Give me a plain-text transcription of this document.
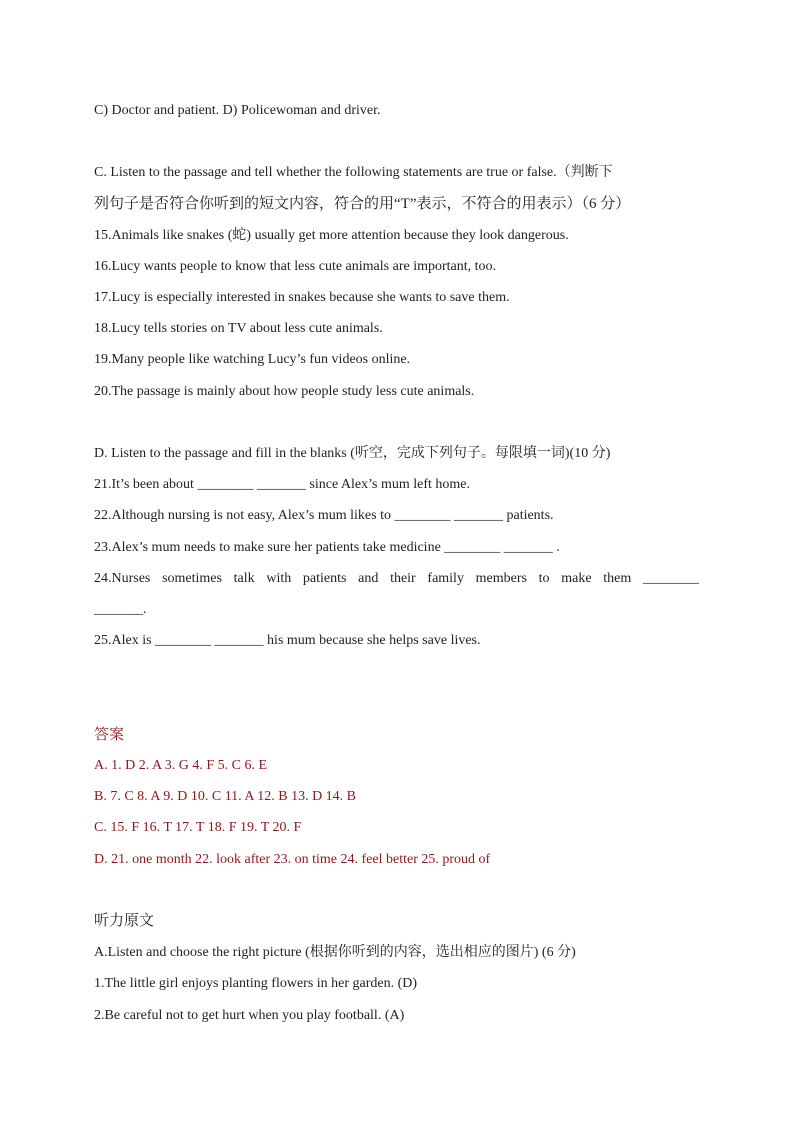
C) Doctor and patient. D) Policewoman and driver.
C. Listen to the passage and tell whether the following statements are true or false.（判断下
列句子是否符合你听到的短文内容，符合的用“T”表示，不符合的用表示）（6 分）
15.Animals like snakes (蛇) usually get more attention because they look dangerous.
16.Lucy wants people to know that less cute animals are important, too.
17.Lucy is especially interested in snakes because she wants to save them.
18.Lucy tells stories on TV about less cute animals.
19.Many people like watching Lucy’s fun videos online.
20.The passage is mainly about how people study less cute animals.
D. Listen to the passage and fill in the blanks (听空，完成下列句子。每限填一词)(10 分)
21.It’s been about ________ _______ since Alex’s mum left home.
22.Although nursing is not easy, Alex’s mum likes to ________ _______ patients.
23.Alex’s mum needs to make sure her patients take medicine ________ _______ .
24.Nurses sometimes talk with patients and their family members to make them ________
_______.
25.Alex is ________ _______ his mum because she helps save lives.
答案
A. 1. D 2. A 3. G 4. F 5. C 6. E
B. 7. C 8. A 9. D 10. C 11. A 12. B 13. D 14. B
C. 15. F 16. T 17. T 18. F 19. T 20. F
D. 21. one month 22. look after 23. on time 24. feel better 25. proud of
听力原文
A.Listen and choose the right picture (根据你听到的内容，选出相应的图片) (6 分)
1.The little girl enjoys planting flowers in her garden. (D)
2.Be careful not to get hurt when you play football. (A)
